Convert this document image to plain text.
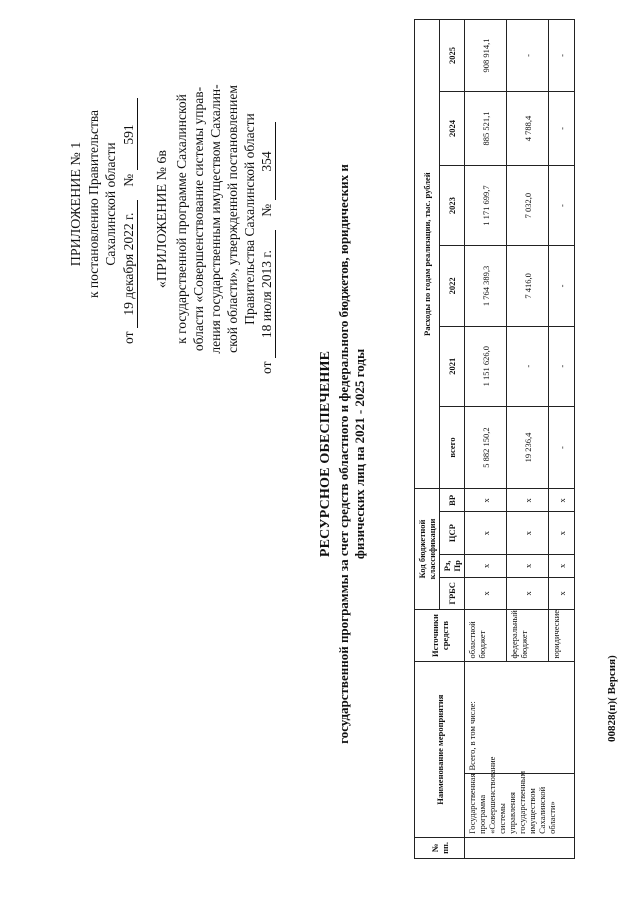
ПРИЛОЖЕНИЕ № 1 к постановлению Правительства Сахалинской области
от 19 декабря 2022 г. № 591
«ПРИЛОЖЕНИЕ № 6в к государственной программе Сахалинской области «Совершенствование системы управ- ления государственным имуществом Сахалин- ской области», утвержденной постановлением Правительства Сахалинской области
от 18 июля 2013 г. № 354
РЕСУРСНОЕ ОБЕСПЕЧЕНИЕ государственной программы за счет средств областного и федерального бюджетов, юридических и физических лиц на 2021 - 2025 годы
№ пп.	Наименование мероприятия		Источники средств	Код бюджетной классификации				Расходы по годам реализации, тыс. рублей					
				ГРБС	Рз, Пр	ЦСР	ВР	всего	2021	2022	2023	2024	2025
	Государственная программа «Совершенствование системы управления государственным имуществом Сахалинской области»	Всего, в том числе:	областной бюджет	х	х	х	х	5 882 150,2	1 151 626,0	1 764 389,3	1 171 699,7	885 521,1	908 914,1
			федеральный бюджет	х	х	х	х	19 236,4	-	7 416,0	7 032,0	4 788,4	-
			юридические	х	х	х	х	-	-	-	-	-	-
00828(п)( Версия)
